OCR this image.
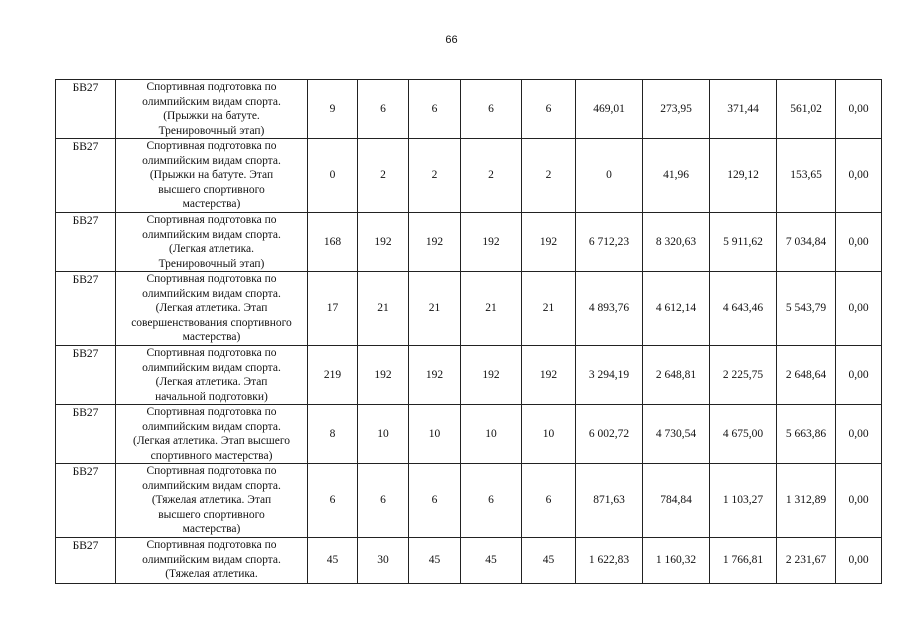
66
БВ27	Спортивная подготовка по
олимпийским видам спорта.
(Прыжки на батуте.
Тренировочный этап)	9	6	6	6	6	469,01	273,95	371,44	561,02	0,00
БВ27	Спортивная подготовка по
олимпийским видам спорта.
(Прыжки на батуте. Этап
высшего спортивного
мастерства)	0	2	2	2	2	0	41,96	129,12	153,65	0,00
БВ27	Спортивная подготовка по
олимпийским видам спорта.
(Легкая атлетика.
Тренировочный этап)	168	192	192	192	192	6 712,23	8 320,63	5 911,62	7 034,84	0,00
БВ27	Спортивная подготовка по
олимпийским видам спорта.
(Легкая атлетика. Этап
совершенствования спортивного
мастерства)	17	21	21	21	21	4 893,76	4 612,14	4 643,46	5 543,79	0,00
БВ27	Спортивная подготовка по
олимпийским видам спорта.
(Легкая атлетика. Этап
начальной подготовки)	219	192	192	192	192	3 294,19	2 648,81	2 225,75	2 648,64	0,00
БВ27	Спортивная подготовка по
олимпийским видам спорта.
(Легкая атлетика. Этап высшего
спортивного мастерства)	8	10	10	10	10	6 002,72	4 730,54	4 675,00	5 663,86	0,00
БВ27	Спортивная подготовка по
олимпийским видам спорта.
(Тяжелая атлетика. Этап
высшего спортивного
мастерства)	6	6	6	6	6	871,63	784,84	1 103,27	1 312,89	0,00
БВ27	Спортивная подготовка по
олимпийским видам спорта.
(Тяжелая атлетика.	45	30	45	45	45	1 622,83	1 160,32	1 766,81	2 231,67	0,00
